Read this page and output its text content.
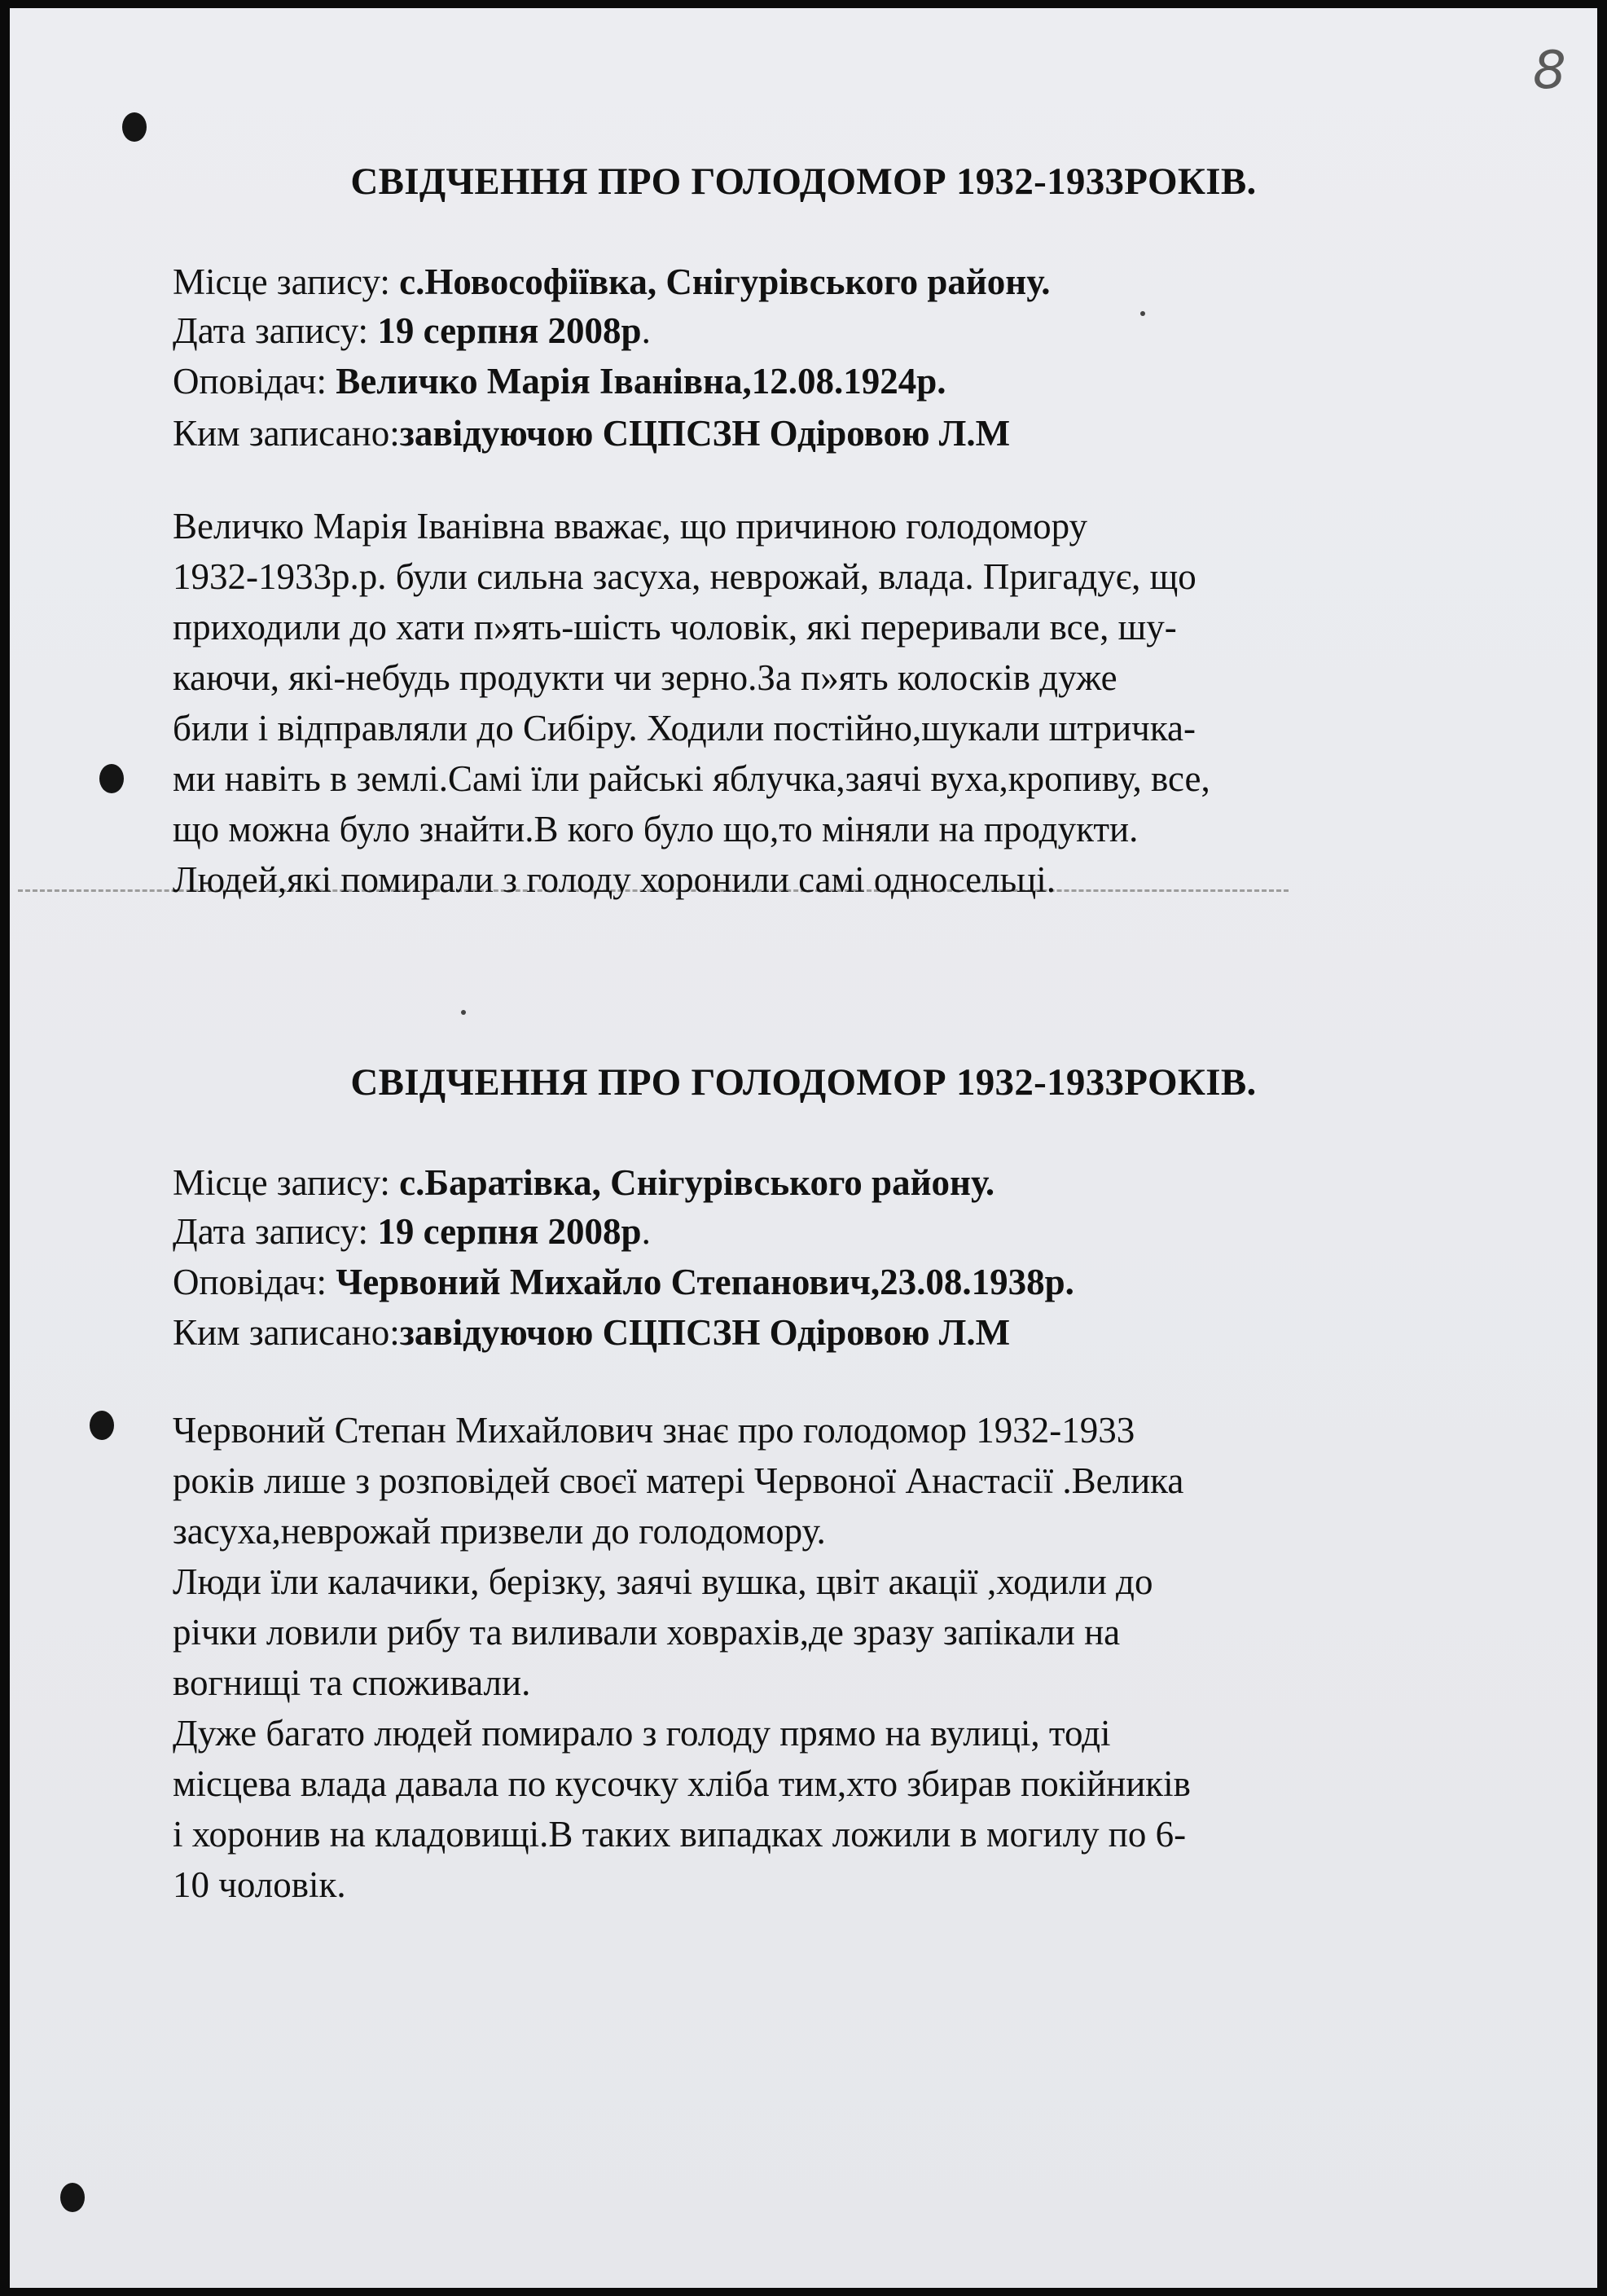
8
СВІДЧЕННЯ ПРО ГОЛОДОМОР 1932-1933РОКІВ.
Місце запису: с.Новософіївка, Снігурівського району.
Дата запису: 19 серпня 2008р.
Оповідач: Величко Марія Іванівна,12.08.1924р.
Ким записано:завідуючою СЦПСЗН Одіровою Л.М
Величко Марія Іванівна вважає, що причиною голодомору
1932-1933р.р. були сильна засуха, неврожай, влада. Пригадує, що
приходили до хати п»ять-шість чоловік, які переривали все, шу-
каючи, які-небудь продукти чи зерно.За п»ять колосків дуже
били і відправляли до Сибіру. Ходили постійно,шукали штричка-
ми навіть в землі.Самі їли райські яблучка,заячі вуха,кропиву, все,
що можна було знайти.В кого було що,то міняли на продукти.
Людей,які помирали з голоду хоронили самі односельці.
СВІДЧЕННЯ ПРО ГОЛОДОМОР 1932-1933РОКІВ.
Місце запису: с.Баратівка, Снігурівського району.
Дата запису: 19 серпня 2008р.
Оповідач: Червоний Михайло Степанович,23.08.1938р.
Ким записано:завідуючою СЦПСЗН Одіровою Л.М
Червоний Степан Михайлович знає про голодомор 1932-1933
років лише з розповідей своєї матері Червоної Анастасії .Велика
засуха,неврожай призвели до голодомору.
Люди їли калачики, берізку, заячі вушка, цвіт акації ,ходили до
річки ловили рибу та виливали ховрахів,де зразу запікали на
вогнищі та споживали.
Дуже багато людей помирало з голоду прямо на вулиці, тоді
місцева влада давала по кусочку хліба тим,хто збирав покійників
і хоронив на кладовищі.В таких випадках ложили в могилу по 6-
10 чоловік.
